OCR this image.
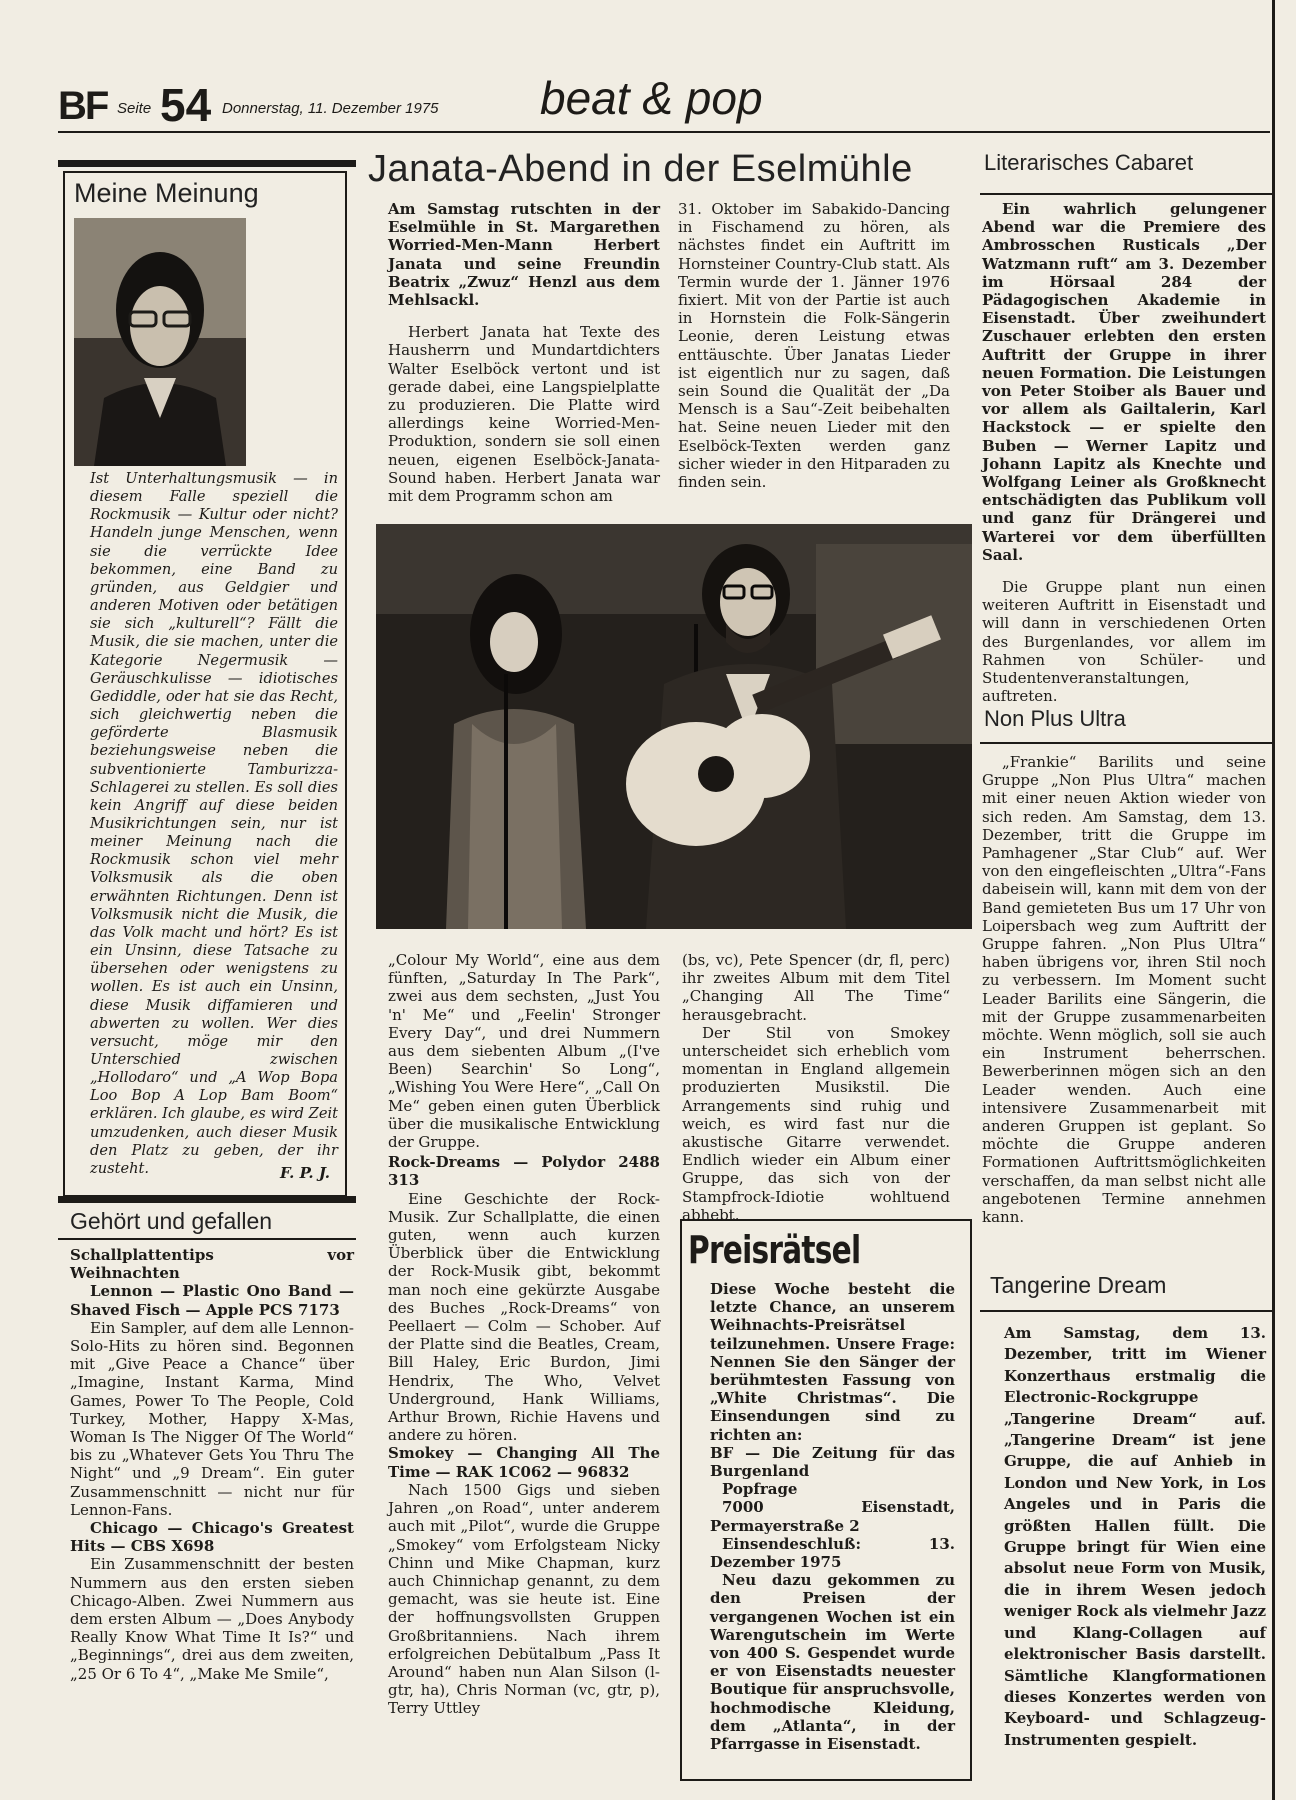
BF Seite 54 Donnerstag, 11. Dezember 1975 beat & pop
Meine Meinung
Ist Unterhaltungsmusik — in diesem Falle speziell die Rockmusik — Kultur oder nicht? Handeln junge Menschen, wenn sie die verrückte Idee bekommen, eine Band zu gründen, aus Geldgier und anderen Motiven oder betätigen sie sich „kulturell“? Fällt die Musik, die sie machen, unter die Kategorie Negermusik — Geräuschkulisse — idiotisches Gediddle, oder hat sie das Recht, sich gleichwertig neben die geförderte Blasmusik beziehungsweise neben die subventionierte Tamburizza-Schlagerei zu stellen. Es soll dies kein Angriff auf diese beiden Musikrichtungen sein, nur ist meiner Meinung nach die Rockmusik schon viel mehr Volksmusik als die oben erwähnten Richtungen. Denn ist Volksmusik nicht die Musik, die das Volk macht und hört? Es ist ein Unsinn, diese Tatsache zu übersehen oder wenigstens zu wollen. Es ist auch ein Unsinn, diese Musik diffamieren und abwerten zu wollen. Wer dies versucht, möge mir den Unterschied zwischen „Hollodaro“ und „A Wop Bopa Loo Bop A Lop Bam Boom“ erklären. Ich glaube, es wird Zeit umzudenken, auch dieser Musik den Platz zu geben, der ihr zusteht.	F. P. J.
Gehört und gefallen

Schallplattentips vor Weihnachten

Lennon — Plastic Ono Band — Shaved Fisch — Apple PCS 7173

Ein Sampler, auf dem alle Lennon-Solo-Hits zu hören sind. Begonnen mit „Give Peace a Chance“ über „Imagine, Instant Karma, Mind Games, Power To The People, Cold Turkey, Mother, Happy X-Mas, Woman Is The Nigger Of The World“ bis zu „Whatever Gets You Thru The Night“ und „9 Dream“. Ein guter Zusammenschnitt — nicht nur für Lennon-Fans.

Chicago — Chicago's Greatest Hits — CBS X698

Ein Zusammenschnitt der besten Nummern aus den ersten sieben Chicago-Alben. Zwei Nummern aus dem ersten Album — „Does Anybody Really Know What Time It Is?“ und „Beginnings“, drei aus dem zweiten, „25 Or 6 To 4“, „Make Me Smile“,

Janata-Abend in der Eselmühle

Am Samstag rutschten in der Eselmühle in St. Margarethen Worried-Men-Mann Herbert Janata und seine Freundin Beatrix „Zwuz“ Henzl aus dem Mehlsackl.

Herbert Janata hat Texte des Hausherrn und Mundartdichters Walter Eselböck vertont und ist gerade dabei, eine Langspielplatte zu produzieren. Die Platte wird allerdings keine Worried-Men-Produktion, sondern sie soll einen neuen, eigenen Eselböck-Janata-Sound haben. Herbert Janata war mit dem Programm schon am

31. Oktober im Sabakido-Dancing in Fischamend zu hören, als nächstes findet ein Auftritt im Hornsteiner Country-Club statt. Als Termin wurde der 1. Jänner 1976 fixiert. Mit von der Partie ist auch in Hornstein die Folk-Sängerin Leonie, deren Leistung etwas enttäuschte. Über Janatas Lieder ist eigentlich nur zu sagen, daß sein Sound die Qualität der „Da Mensch is a Sau“-Zeit beibehalten hat. Seine neuen Lieder mit den Eselböck-Texten werden ganz sicher wieder in den Hitparaden zu finden sein.

„Colour My World“, eine aus dem fünften, „Saturday In The Park“, zwei aus dem sechsten, „Just You 'n' Me“ und „Feelin' Stronger Every Day“, und drei Nummern aus dem siebenten Album „(I've Been) Searchin' So Long“, „Wishing You Were Here“, „Call On Me“ geben einen guten Überblick über die musikalische Entwicklung der Gruppe.

Rock-Dreams — Polydor 2488 313

Eine Geschichte der Rock-Musik. Zur Schallplatte, die einen guten, wenn auch kurzen Überblick über die Entwicklung der Rock-Musik gibt, bekommt man noch eine gekürzte Ausgabe des Buches „Rock-Dreams“ von Peellaert — Colm — Schober. Auf der Platte sind die Beatles, Cream, Bill Haley, Eric Burdon, Jimi Hendrix, The Who, Velvet Underground, Hank Williams, Arthur Brown, Richie Havens und andere zu hören.

Smokey — Changing All The Time — RAK 1C062 — 96832

Nach 1500 Gigs und sieben Jahren „on Road“, unter anderem auch mit „Pilot“, wurde die Gruppe „Smokey“ vom Erfolgsteam Nicky Chinn und Mike Chapman, kurz auch Chinnichap genannt, zu dem gemacht, was sie heute ist. Eine der hoffnungsvollsten Gruppen Großbritanniens. Nach ihrem erfolgreichen Debütalbum „Pass It Around“ haben nun Alan Silson (l-gtr, ha), Chris Norman (vc, gtr, p), Terry Uttley

(bs, vc), Pete Spencer (dr, fl, perc) ihr zweites Album mit dem Titel „Changing All The Time“ herausgebracht.

Der Stil von Smokey unterscheidet sich erheblich vom momentan in England allgemein produzierten Musikstil. Die Arrangements sind ruhig und weich, es wird fast nur die akustische Gitarre verwendet. Endlich wieder ein Album einer Gruppe, das sich von der Stampfrock-Idiotie wohltuend abhebt.

Preisrätsel

Diese Woche besteht die letzte Chance, an unserem Weihnachts-Preisrätsel teilzunehmen. Unsere Frage: Nennen Sie den Sänger der berühmtesten Fassung von „White Christmas“. Die Einsendungen sind zu richten an:

BF — Die Zeitung für das Burgenland

Popfrage

7000 Eisenstadt, Permayerstraße 2

Einsendeschluß: 13. Dezember 1975

Neu dazu gekommen zu den Preisen der vergangenen Wochen ist ein Warengutschein im Werte von 400 S. Gespendet wurde er von Eisenstadts neuester Boutique für anspruchsvolle, hochmodische Kleidung, dem „Atlanta“, in der Pfarrgasse in Eisenstadt.

Literarisches Cabaret

Ein wahrlich gelungener Abend war die Premiere des Ambrosschen Rusticals „Der Watzmann ruft“ am 3. Dezember im Hörsaal 284 der Pädagogischen Akademie in Eisenstadt. Über zweihundert Zuschauer erlebten den ersten Auftritt der Gruppe in ihrer neuen Formation. Die Leistungen von Peter Stoiber als Bauer und vor allem als Gailtalerin, Karl Hackstock — er spielte den Buben — Werner Lapitz und Johann Lapitz als Knechte und Wolfgang Leiner als Großknecht entschädigten das Publikum voll und ganz für Drängerei und Warterei vor dem überfüllten Saal.

Die Gruppe plant nun einen weiteren Auftritt in Eisenstadt und will dann in verschiedenen Orten des Burgenlandes, vor allem im Rahmen von Schüler- und Studentenveranstaltungen, auftreten.

Non Plus Ultra

„Frankie“ Barilits und seine Gruppe „Non Plus Ultra“ machen mit einer neuen Aktion wieder von sich reden. Am Samstag, dem 13. Dezember, tritt die Gruppe im Pamhagener „Star Club“ auf. Wer von den eingefleischten „Ultra“-Fans dabeisein will, kann mit dem von der Band gemieteten Bus um 17 Uhr von Loipersbach weg zum Auftritt der Gruppe fahren. „Non Plus Ultra“ haben übrigens vor, ihren Stil noch zu verbessern. Im Moment sucht Leader Barilits eine Sängerin, die mit der Gruppe zusammenarbeiten möchte. Wenn möglich, soll sie auch ein Instrument beherrschen. Bewerberinnen mögen sich an den Leader wenden. Auch eine intensivere Zusammenarbeit mit anderen Gruppen ist geplant. So möchte die Gruppe anderen Formationen Auftrittsmöglichkeiten verschaffen, da man selbst nicht alle angebotenen Termine annehmen kann.

Tangerine Dream

Am Samstag, dem 13. Dezember, tritt im Wiener Konzerthaus erstmalig die Electronic-Rockgruppe „Tangerine Dream“ auf. „Tangerine Dream“ ist jene Gruppe, die auf Anhieb in London und New York, in Los Angeles und in Paris die größten Hallen füllt. Die Gruppe bringt für Wien eine absolut neue Form von Musik, die in ihrem Wesen jedoch weniger Rock als vielmehr Jazz und Klang-Collagen auf elektronischer Basis darstellt. Sämtliche Klangformationen dieses Konzertes werden von Keyboard- und Schlagzeug-Instrumenten gespielt.
